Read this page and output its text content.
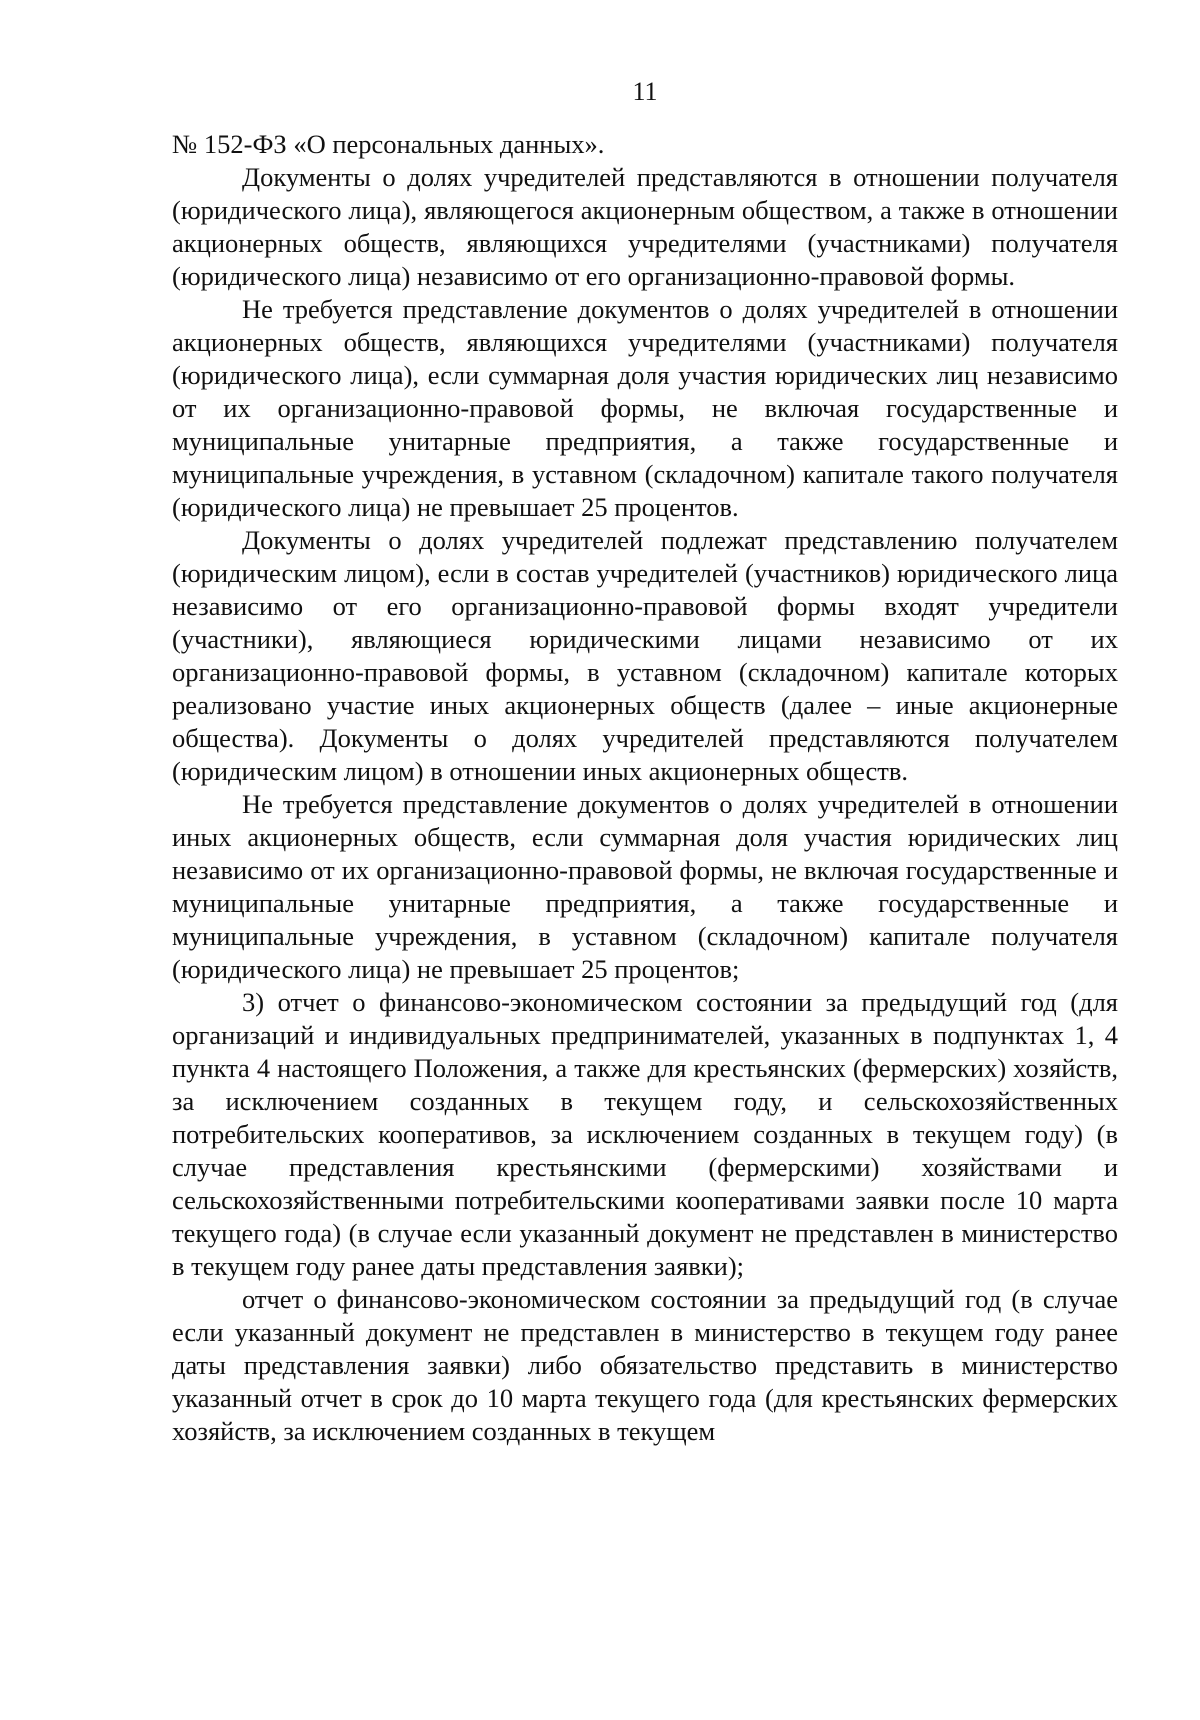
11

№ 152-ФЗ «О персональных данных».

Документы о долях учредителей представляются в отношении получателя (юридического лица), являющегося акционерным обществом, а также в отношении акционерных обществ, являющихся учредителями (участниками) получателя (юридического лица) независимо от его организационно-правовой формы.

Не требуется представление документов о долях учредителей в отношении акционерных обществ, являющихся учредителями (участниками) получателя (юридического лица), если суммарная доля участия юридических лиц независимо от их организационно-правовой формы, не включая государственные и муниципальные унитарные предприятия, а также государственные и муниципальные учреждения, в уставном (складочном) капитале такого получателя (юридического лица) не превышает 25 процентов.

Документы о долях учредителей подлежат представлению получателем (юридическим лицом), если в состав учредителей (участников) юридического лица независимо от его организационно-правовой формы входят учредители (участники), являющиеся юридическими лицами независимо от их организационно-правовой формы, в уставном (складочном) капитале которых реализовано участие иных акционерных обществ (далее – иные акционерные общества). Документы о долях учредителей представляются получателем (юридическим лицом) в отношении иных акционерных обществ.

Не требуется представление документов о долях учредителей в отношении иных акционерных обществ, если суммарная доля участия юридических лиц независимо от их организационно-правовой формы, не включая государственные и муниципальные унитарные предприятия, а также государственные и муниципальные учреждения, в уставном (складочном) капитале получателя (юридического лица) не превышает 25 процентов;

3) отчет о финансово-экономическом состоянии за предыдущий год (для организаций и индивидуальных предпринимателей, указанных в подпунктах 1, 4 пункта 4 настоящего Положения, а также для крестьянских (фермерских) хозяйств, за исключением созданных в текущем году, и сельскохозяйственных потребительских кооперативов, за исключением созданных в текущем году) (в случае представления крестьянскими (фермерскими) хозяйствами и сельскохозяйственными потребительскими кооперативами заявки после 10 марта текущего года) (в случае если указанный документ не представлен в министерство в текущем году ранее даты представления заявки);

отчет о финансово-экономическом состоянии за предыдущий год (в случае если указанный документ не представлен в министерство в текущем году ранее даты представления заявки) либо обязательство представить в министерство указанный отчет в срок до 10 марта текущего года (для крестьянских фермерских хозяйств, за исключением созданных в текущем
